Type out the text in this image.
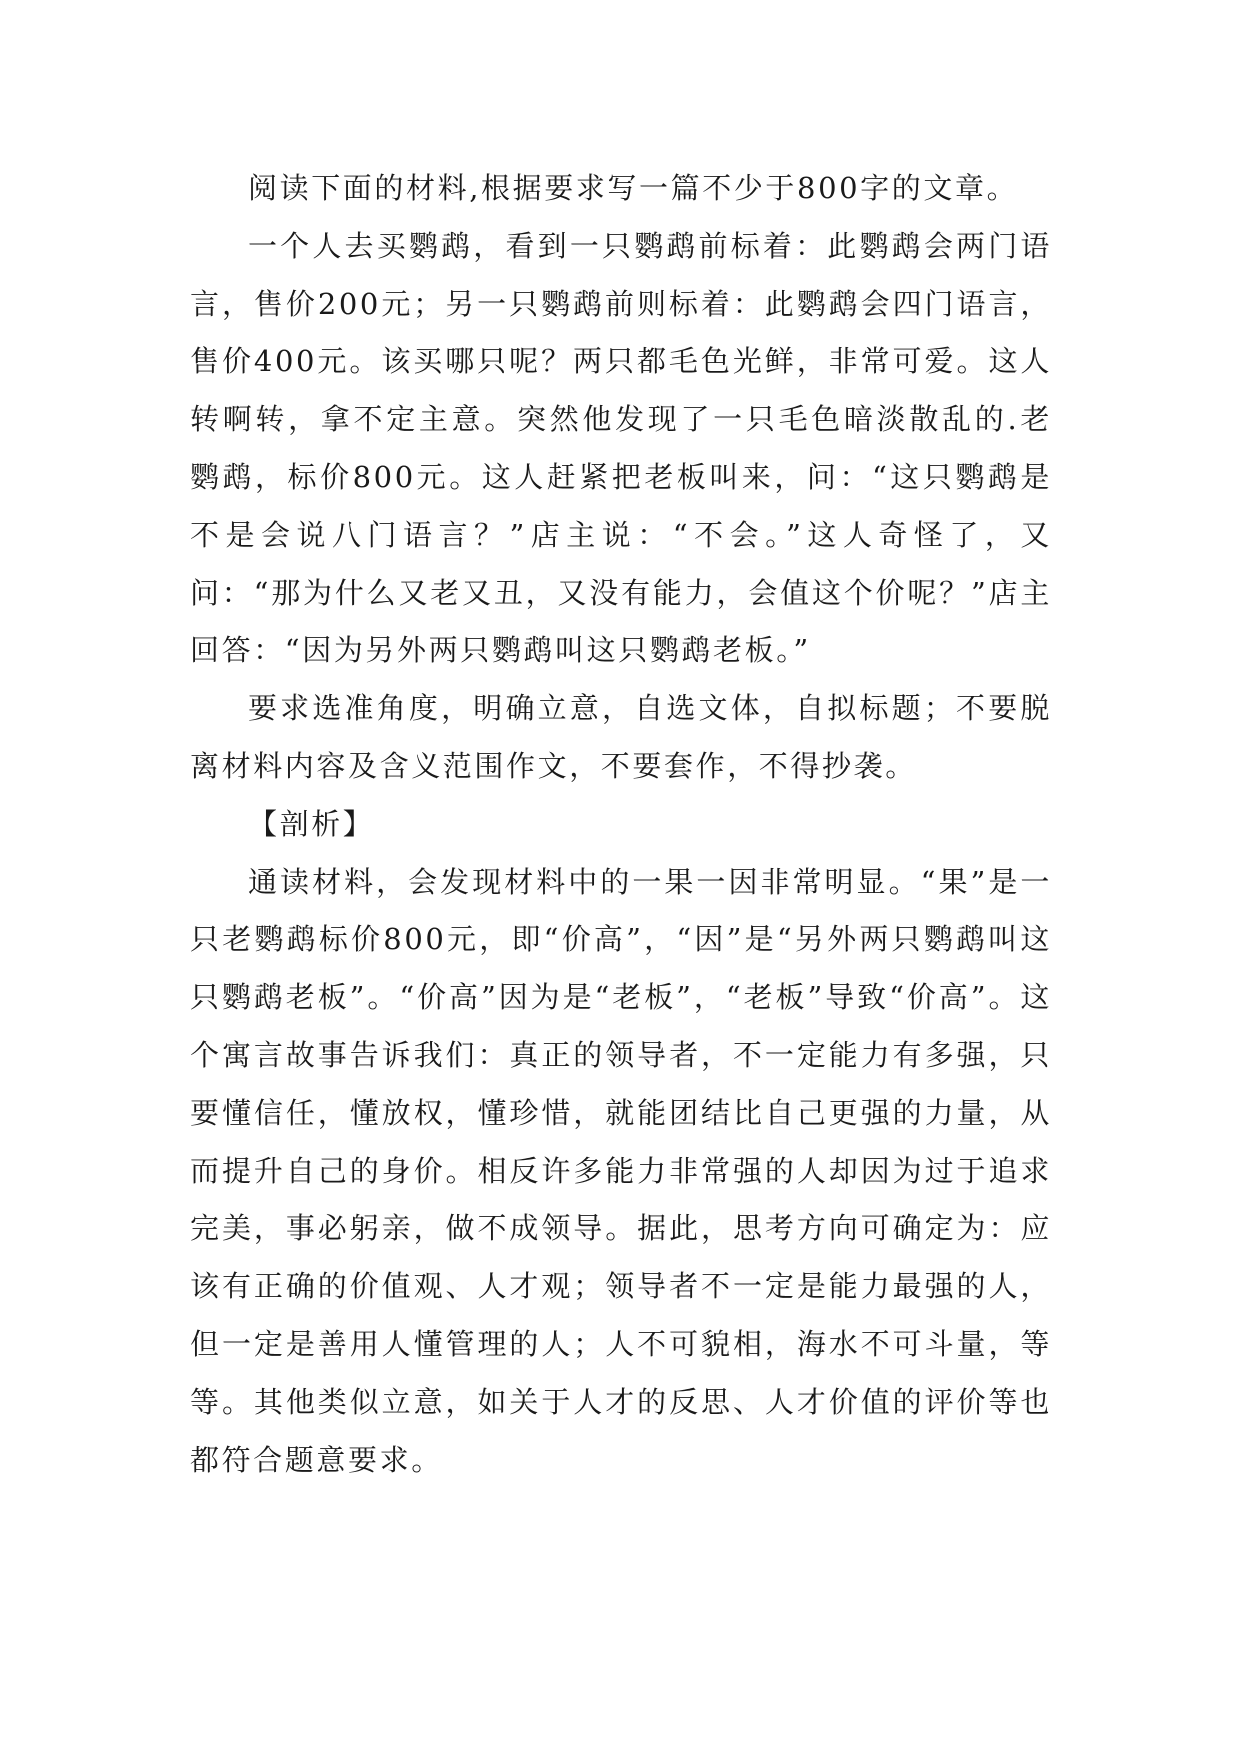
阅读下面的材料,根据要求写一篇不少于800字的文章。

一个人去买鹦鹉，看到一只鹦鹉前标着：此鹦鹉会两门语言，售价200元；另一只鹦鹉前则标着：此鹦鹉会四门语言，售价400元。该买哪只呢？两只都毛色光鲜，非常可爱。这人转啊转，拿不定主意。突然他发现了一只毛色暗淡散乱的.老鹦鹉，标价800元。这人赶紧把老板叫来，问：“这只鹦鹉是不是会说八门语言？”店主说：“不会。”这人奇怪了，又问：“那为什么又老又丑，又没有能力，会值这个价呢？”店主回答：“因为另外两只鹦鹉叫这只鹦鹉老板。”

要求选准角度，明确立意，自选文体，自拟标题；不要脱离材料内容及含义范围作文，不要套作，不得抄袭。

【剖析】

通读材料，会发现材料中的一果一因非常明显。“果”是一只老鹦鹉标价800元，即“价高”，“因”是“另外两只鹦鹉叫这只鹦鹉老板”。“价高”因为是“老板”，“老板”导致“价高”。这个寓言故事告诉我们：真正的领导者，不一定能力有多强，只要懂信任，懂放权，懂珍惜，就能团结比自己更强的力量，从而提升自己的身价。相反许多能力非常强的人却因为过于追求完美，事必躬亲，做不成领导。据此，思考方向可确定为：应该有正确的价值观、人才观；领导者不一定是能力最强的人，但一定是善用人懂管理的人；人不可貌相，海水不可斗量，等等。其他类似立意，如关于人才的反思、人才价值的评价等也都符合题意要求。
